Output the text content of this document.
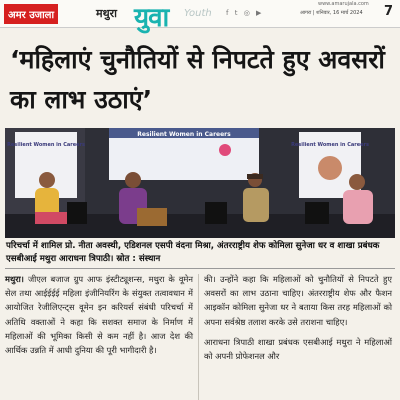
अमर उजाला	मथुरा युवा Youth f t ◎ ▶
www.amarujala.com
आगरा | शनिवार, 16 मार्च 2024 7
‘महिलाएं चुनौतियों से निपटते हुए अवसरों का लाभ उठाएं’
Resilient Women in Careers
Resilient Women in Careers
Resilient Women in Careers

परिचर्चा में शामिल प्रो. नीता अवस्थी, एडिशनल एसपी वंदना मिश्रा, अंतरराष्ट्रीय शेफ कोमिला सुनेजा धर व शाखा प्रबंधक एसबीआई मथुरा आराधना त्रिपाठी। स्रोत : संस्थान

मथुरा। जीएल बजाज ग्रुप आफ इंस्टीट्यूशन्स, मथुरा के वूमेन सेल तथा आईईईई महिला इंजीनियरिंग के संयुक्त तत्वावधान में आयोजित रेजीलिएन्ट्स वूमेन इन करियर्स संबंधी परिचर्चा में अतिथि वक्ताओं ने कहा कि सशक्त समाज के निर्माण में महिलाओं की भूमिका किसी से कम नहीं है। आज देश की आर्थिक उन्नति में आधी दुनिया की पूरी भागीदारी है।
की। उन्होंने कहा कि महिलाओं को चुनौतियों से निपटते हुए अवसरों का लाभ उठाना चाहिए। अंतरराष्ट्रीय शेफ और फैशन आइकॉन कोमिला सुनेजा धर ने बताया किस तरह महिलाओं को अपना सर्वश्रेष्ठ तलाश करके उसे तराशना चाहिए।
आराधना त्रिपाठी शाखा प्रबंधक एसबीआई मथुरा ने महिलाओं को अपनी प्रोफेशनल और
